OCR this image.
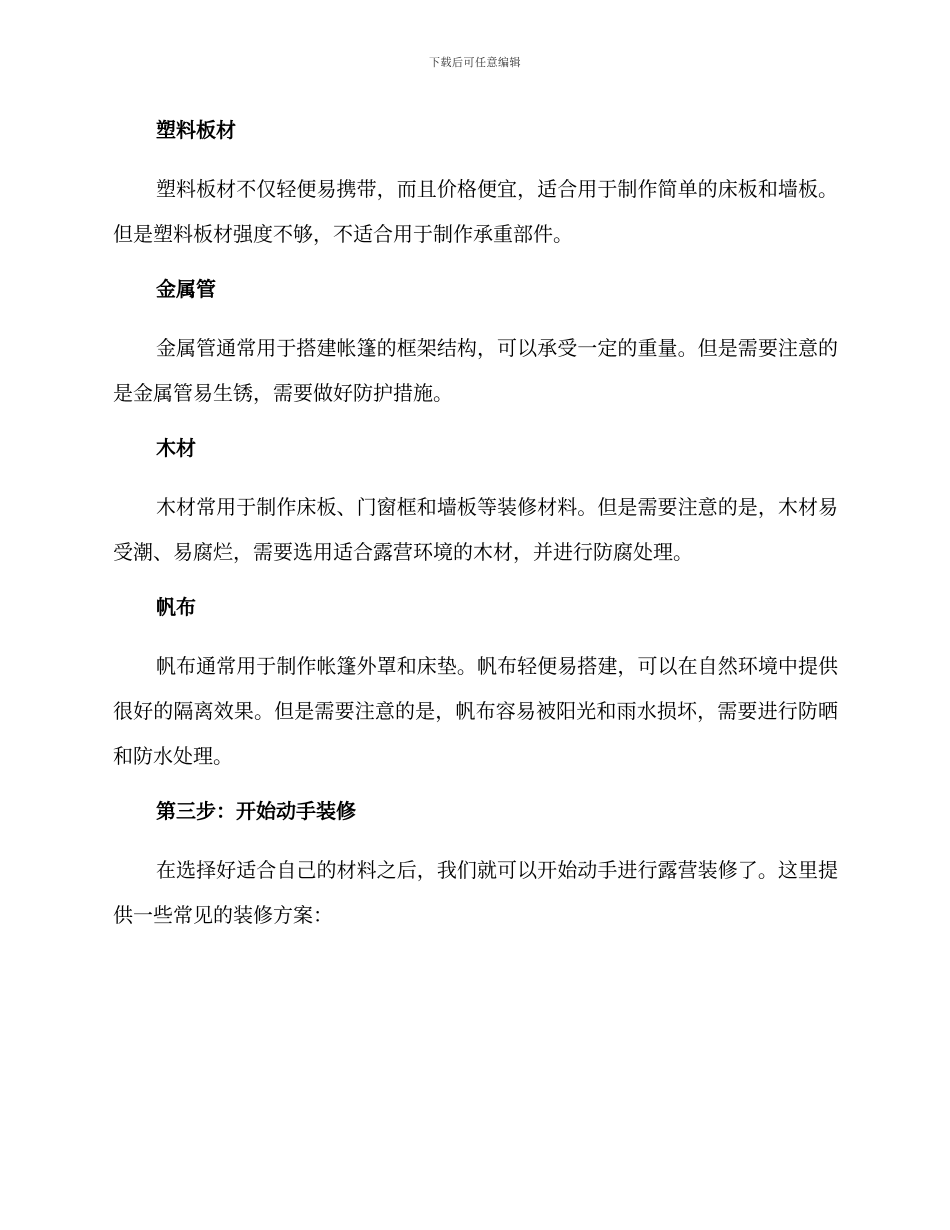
下载后可任意编辑
塑料板材

塑料板材不仅轻便易携带，而且价格便宜，适合用于制作简单的床板和墙板。但是塑料板材强度不够，不适合用于制作承重部件。

金属管

金属管通常用于搭建帐篷的框架结构，可以承受一定的重量。但是需要注意的是金属管易生锈，需要做好防护措施。

木材

木材常用于制作床板、门窗框和墙板等装修材料。但是需要注意的是，木材易受潮、易腐烂，需要选用适合露营环境的木材，并进行防腐处理。

帆布

帆布通常用于制作帐篷外罩和床垫。帆布轻便易搭建，可以在自然环境中提供很好的隔离效果。但是需要注意的是，帆布容易被阳光和雨水损坏，需要进行防晒和防水处理。

第三步：开始动手装修

在选择好适合自己的材料之后，我们就可以开始动手进行露营装修了。这里提供一些常见的装修方案：
